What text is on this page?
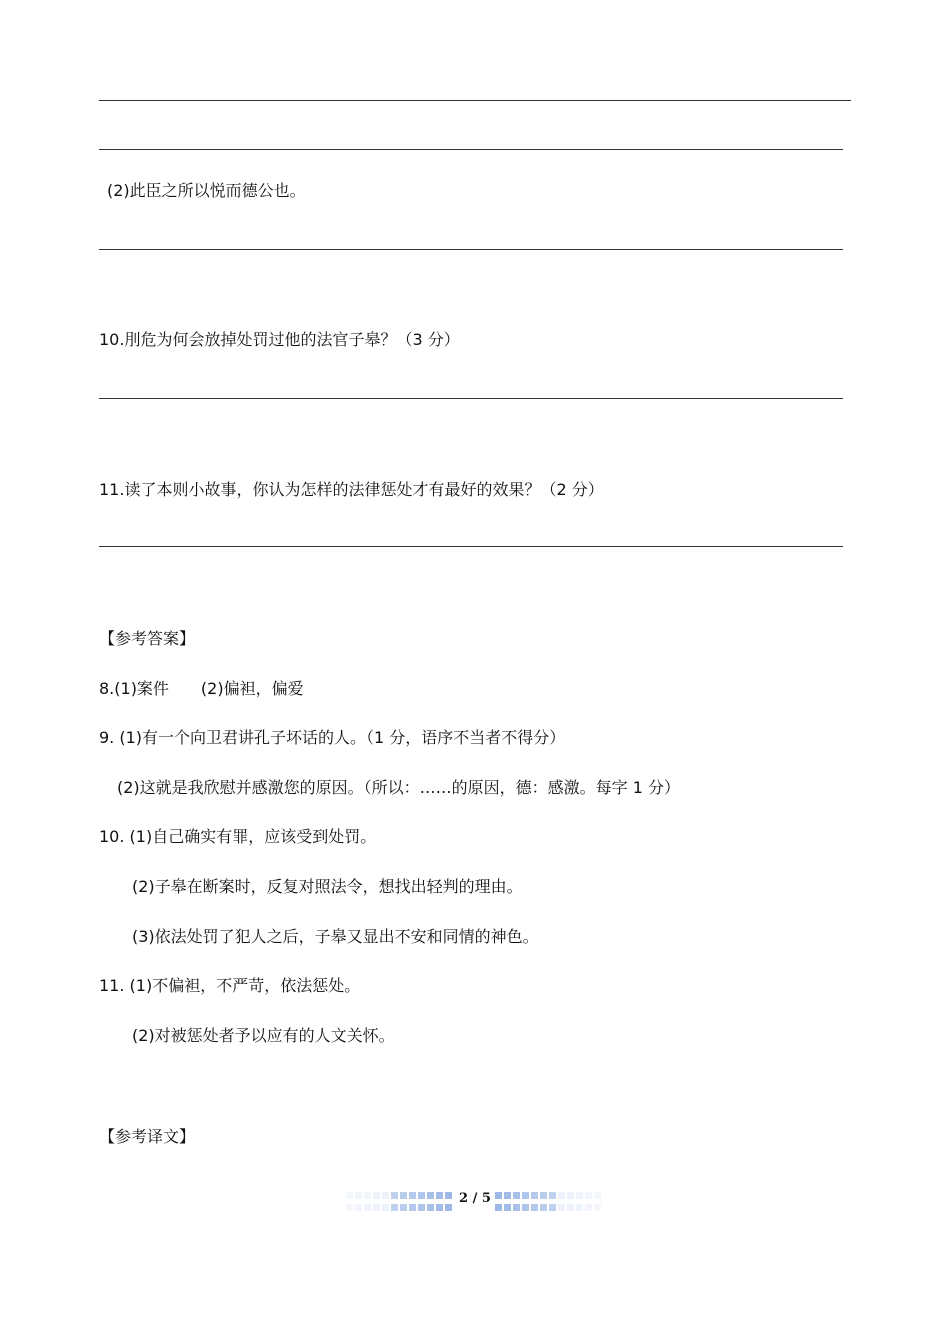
(2)此臣之所以悦而德公也。
10.刖危为何会放掉处罚过他的法官子皋？（3 分）
11.读了本则小故事，你认为怎样的法律惩处才有最好的效果？（2 分）
【参考答案】
8.(1)案件　　(2)偏袒，偏爱
9. (1)有一个向卫君讲孔子坏话的人。（1 分，语序不当者不得分）
(2)这就是我欣慰并感激您的原因。（所以：……的原因，德：感激。每字 1 分）
10. (1)自己确实有罪，应该受到处罚。
(2)子皋在断案时，反复对照法令，想找出轻判的理由。
(3)依法处罚了犯人之后，子皋又显出不安和同情的神色。
11. (1)不偏袒，不严苛，依法惩处。
(2)对被惩处者予以应有的人文关怀。
【参考译文】
2 / 5
